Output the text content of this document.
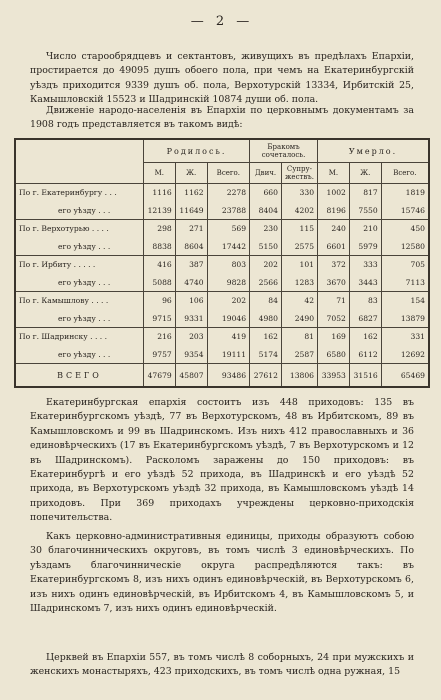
— 2 —

Число старообрядцевъ и сектантовъ, живущихъ въ предѣлахъ Епархіи, простирается до 49095 душъ обоего пола, при чемъ на Екатеринбургскій уѣздъ приходится 9339 душъ об. пола, Верхотурскій 13334, Ирбитскій 25, Камышловскій 15523 и Шадринскій 10874 души об. пола.

Движеніе народо-населенія въ Епархіи по церковнымъ документамъ за 1908 годъ представляется въ такомъ видѣ:

	Родилось.			Бракомъ сочеталось.		Умерло.		
	М.	Ж.	Всего.	Двич.	Супру-жествъ.	М.	Ж.	Всего.
По г. Екатеринбургу . . .	1116	1162	2278	660	330	1002	817	1819
его уѣзду . . .	12139	11649	23788	8404	4202	8196	7550	15746
По г. Верхотурью . . . .	298	271	569	230	115	240	210	450
его уѣзду . . .	8838	8604	17442	5150	2575	6601	5979	12580
По г. Ирбиту . . . . .	416	387	803	202	101	372	333	705
его уѣзду . . .	5088	4740	9828	2566	1283	3670	3443	7113
По г. Камышлову . . . .	96	106	202	84	42	71	83	154
его уѣзду . . .	9715	9331	19046	4980	2490	7052	6827	13879
По г. Шадринску . . . .	216	203	419	162	81	169	162	331
его уѣзду . . .	9757	9354	19111	5174	2587	6580	6112	12692
ВСЕГО	47679	45807	93486	27612	13806	33953	31516	65469

Екатеринбургская епархія состоитъ изъ 448 приходовъ: 135 въ Екатеринбургскомъ уѣздѣ, 77 въ Верхотурскомъ, 48 въ Ирбитскомъ, 89 въ Камышловскомъ и 99 въ Шадринскомъ. Изъ нихъ 412 православныхъ и 36 единовѣрческихъ (17 въ Екатеринбургскомъ уѣздѣ, 7 въ Верхотурскомъ и 12 въ Шадринскомъ). Расколомъ заражены до 150 приходовъ: въ Екатеринбургѣ и его уѣздѣ 52 прихода, въ Шадринскѣ и его уѣздѣ 52 прихода, въ Верхотурскомъ уѣздѣ 32 прихода, въ Камышловскомъ уѣздѣ 14 приходовъ. При 369 приходахъ учреждены церковно-приходскія попечительства.

Какъ церковно-административныя единицы, приходы образуютъ собою 30 благочинническихъ округовъ, въ томъ числѣ 3 единовѣрческихъ. По уѣздамъ благочинническіе округа распредѣляются такъ: въ Екатеринбургскомъ 8, изъ нихъ одинъ единовѣрческій, въ Верхотурскомъ 6, изъ нихъ одинъ единовѣрческій, въ Ирбитскомъ 4, въ Камышловскомъ 5, и Шадринскомъ 7, изъ нихъ одинъ единовѣрческій.

Церквей въ Епархіи 557, въ томъ числѣ 8 соборныхъ, 24 при мужскихъ и женскихъ монастыряхъ, 423 приходскихъ, въ томъ числѣ одна ружная, 15
